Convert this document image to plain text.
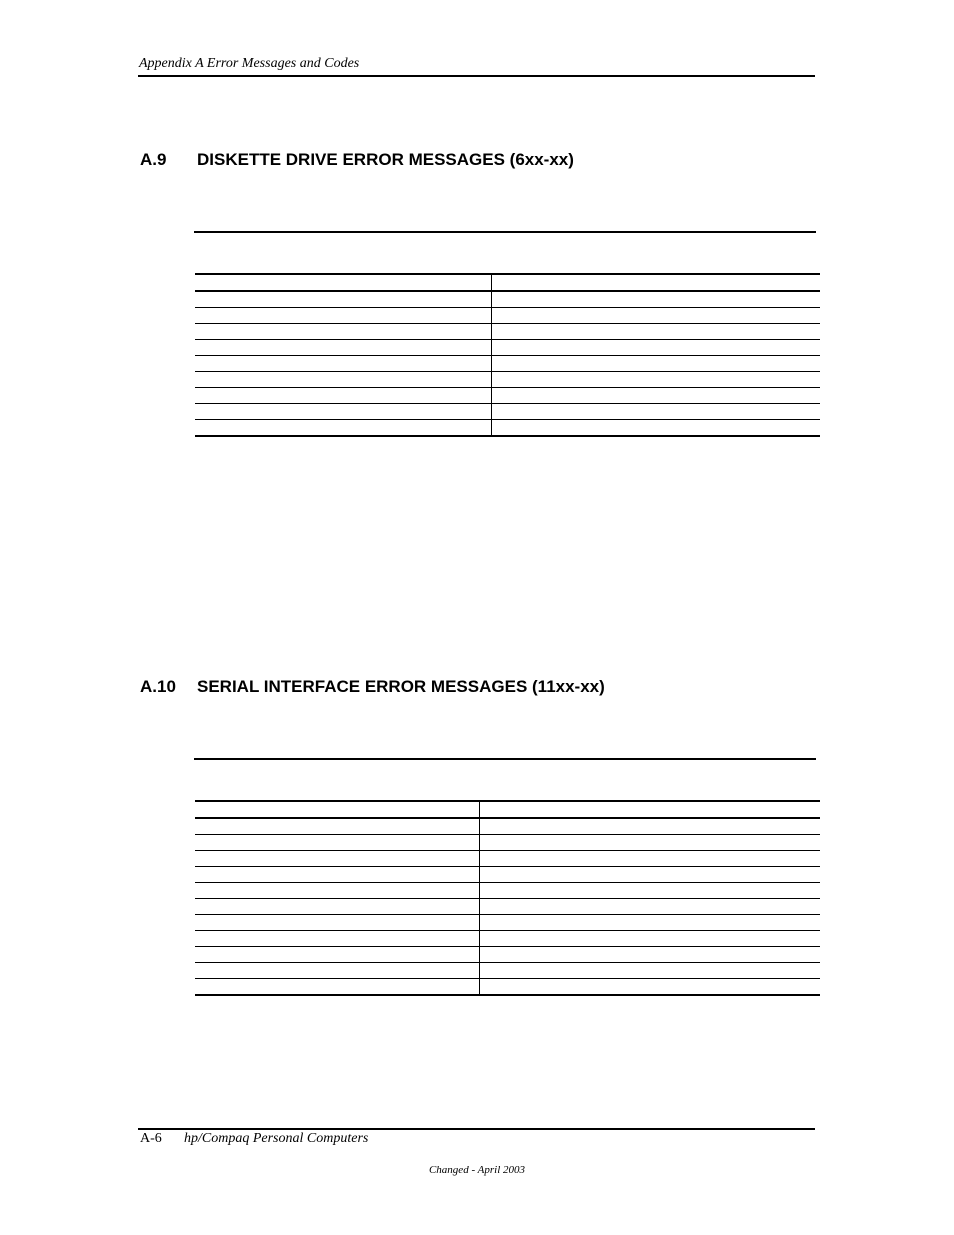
Appendix A Error Messages and Codes
A.9 DISKETTE DRIVE ERROR MESSAGES (6xx-xx)

A.10 SERIAL INTERFACE ERROR MESSAGES (11xx-xx)

A-6 hp/Compaq Personal Computers
Changed - April 2003
